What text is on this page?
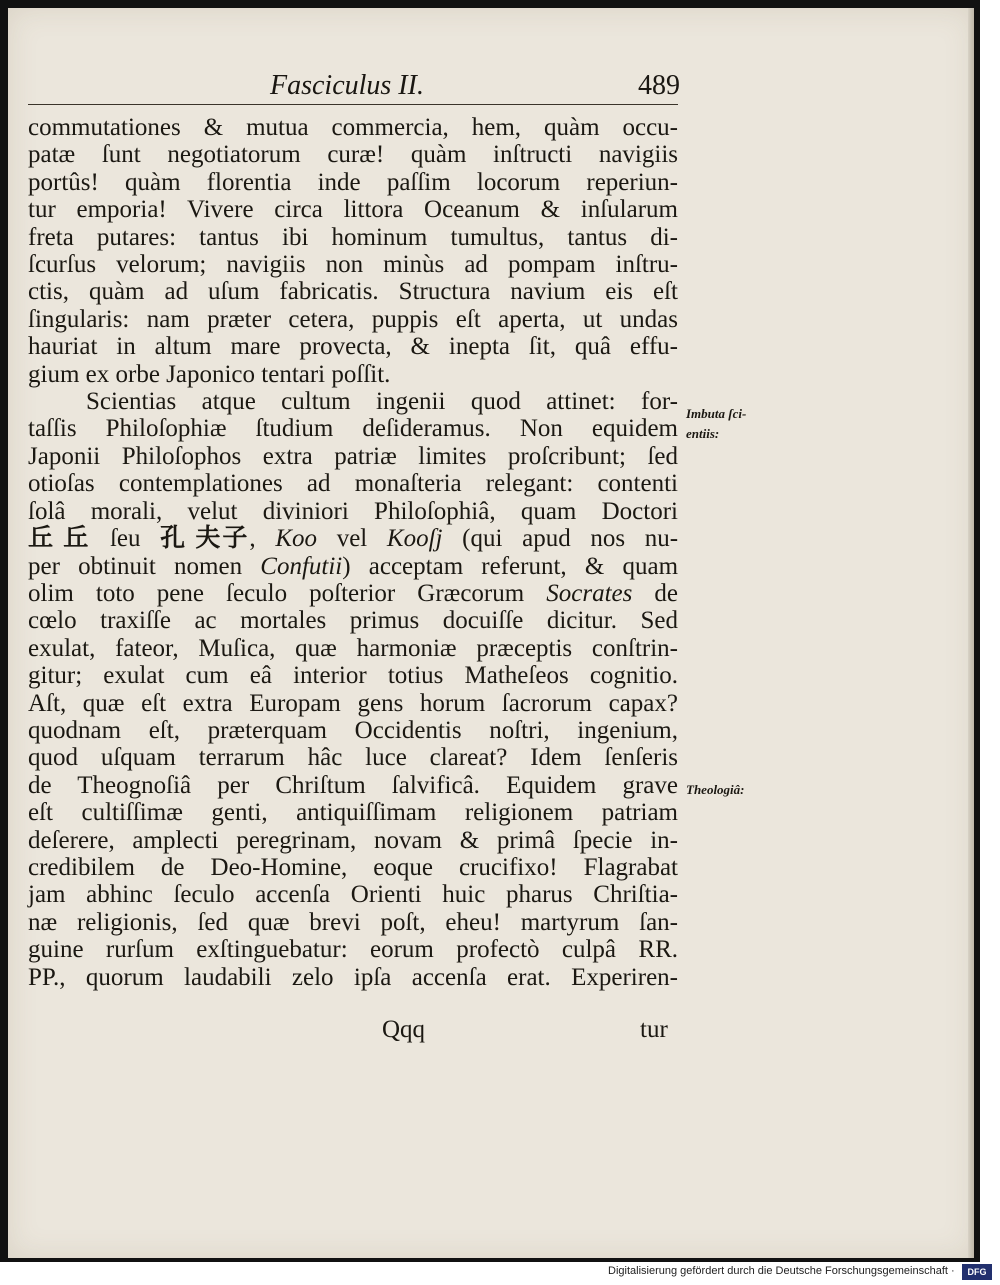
Fasciculus II.	489
commutationes & mutua commercia, hem, quàm occu-
patæ ſunt negotiatorum curæ! quàm inſtructi navigiis
portûs! quàm florentia inde paſſim locorum reperiun-
tur emporia! Vivere circa littora Oceanum & inſularum
freta putares: tantus ibi hominum tumultus, tantus di-
ſcurſus velorum; navigiis non minùs ad pompam inſtru-
ctis, quàm ad uſum fabricatis. Structura navium eis eſt
ſingularis: nam præter cetera, puppis eſt aperta, ut undas
hauriat in altum mare provecta, & inepta ſit, quâ effu-
gium ex orbe Japonico tentari poſſit.
Scientias atque cultum ingenii quod attinet: for-
taſſis Philoſophiæ ſtudium deſideramus. Non equidem
Japonii Philoſophos extra patriæ limites proſcribunt; ſed
otioſas contemplationes ad monaſteria relegant: contenti
ſolâ morali, velut diviniori Philoſophiâ, quam Doctori
丘 丘 ſeu 孔 夫子, Koo vel Kooſj (qui apud nos nu-
per obtinuit nomen Confutii) acceptam referunt, & quam
olim toto pene ſeculo poſterior Græcorum Socrates de
cœlo traxiſſe ac mortales primus docuiſſe dicitur. Sed
exulat, fateor, Muſica, quæ harmoniæ præceptis conſtrin-
gitur; exulat cum eâ interior totius Matheſeos cognitio.
Aſt, quæ eſt extra Europam gens horum ſacrorum capax?
quodnam eſt, præterquam Occidentis noſtri, ingenium,
quod uſquam terrarum hâc luce clareat? Idem ſenſeris
de Theognoſiâ per Chriſtum ſalvificâ. Equidem grave
eſt cultiſſimæ genti, antiquiſſimam religionem patriam
deſerere, amplecti peregrinam, novam & primâ ſpecie in-
credibilem de Deo-Homine, eoque crucifixo! Flagrabat
jam abhinc ſeculo accenſa Orienti huic pharus Chriſtia-
næ religionis, ſed quæ brevi poſt, eheu! martyrum ſan-
guine rurſum exſtinguebatur: eorum profectò culpâ RR.
PP., quorum laudabili zelo ipſa accenſa erat. Experiren-
Qqq	tur
Imbuta ſci-
entiis:
Theologiâ:
Digitalisierung gefördert durch die Deutsche Forschungsgemeinschaft ·	DFG
